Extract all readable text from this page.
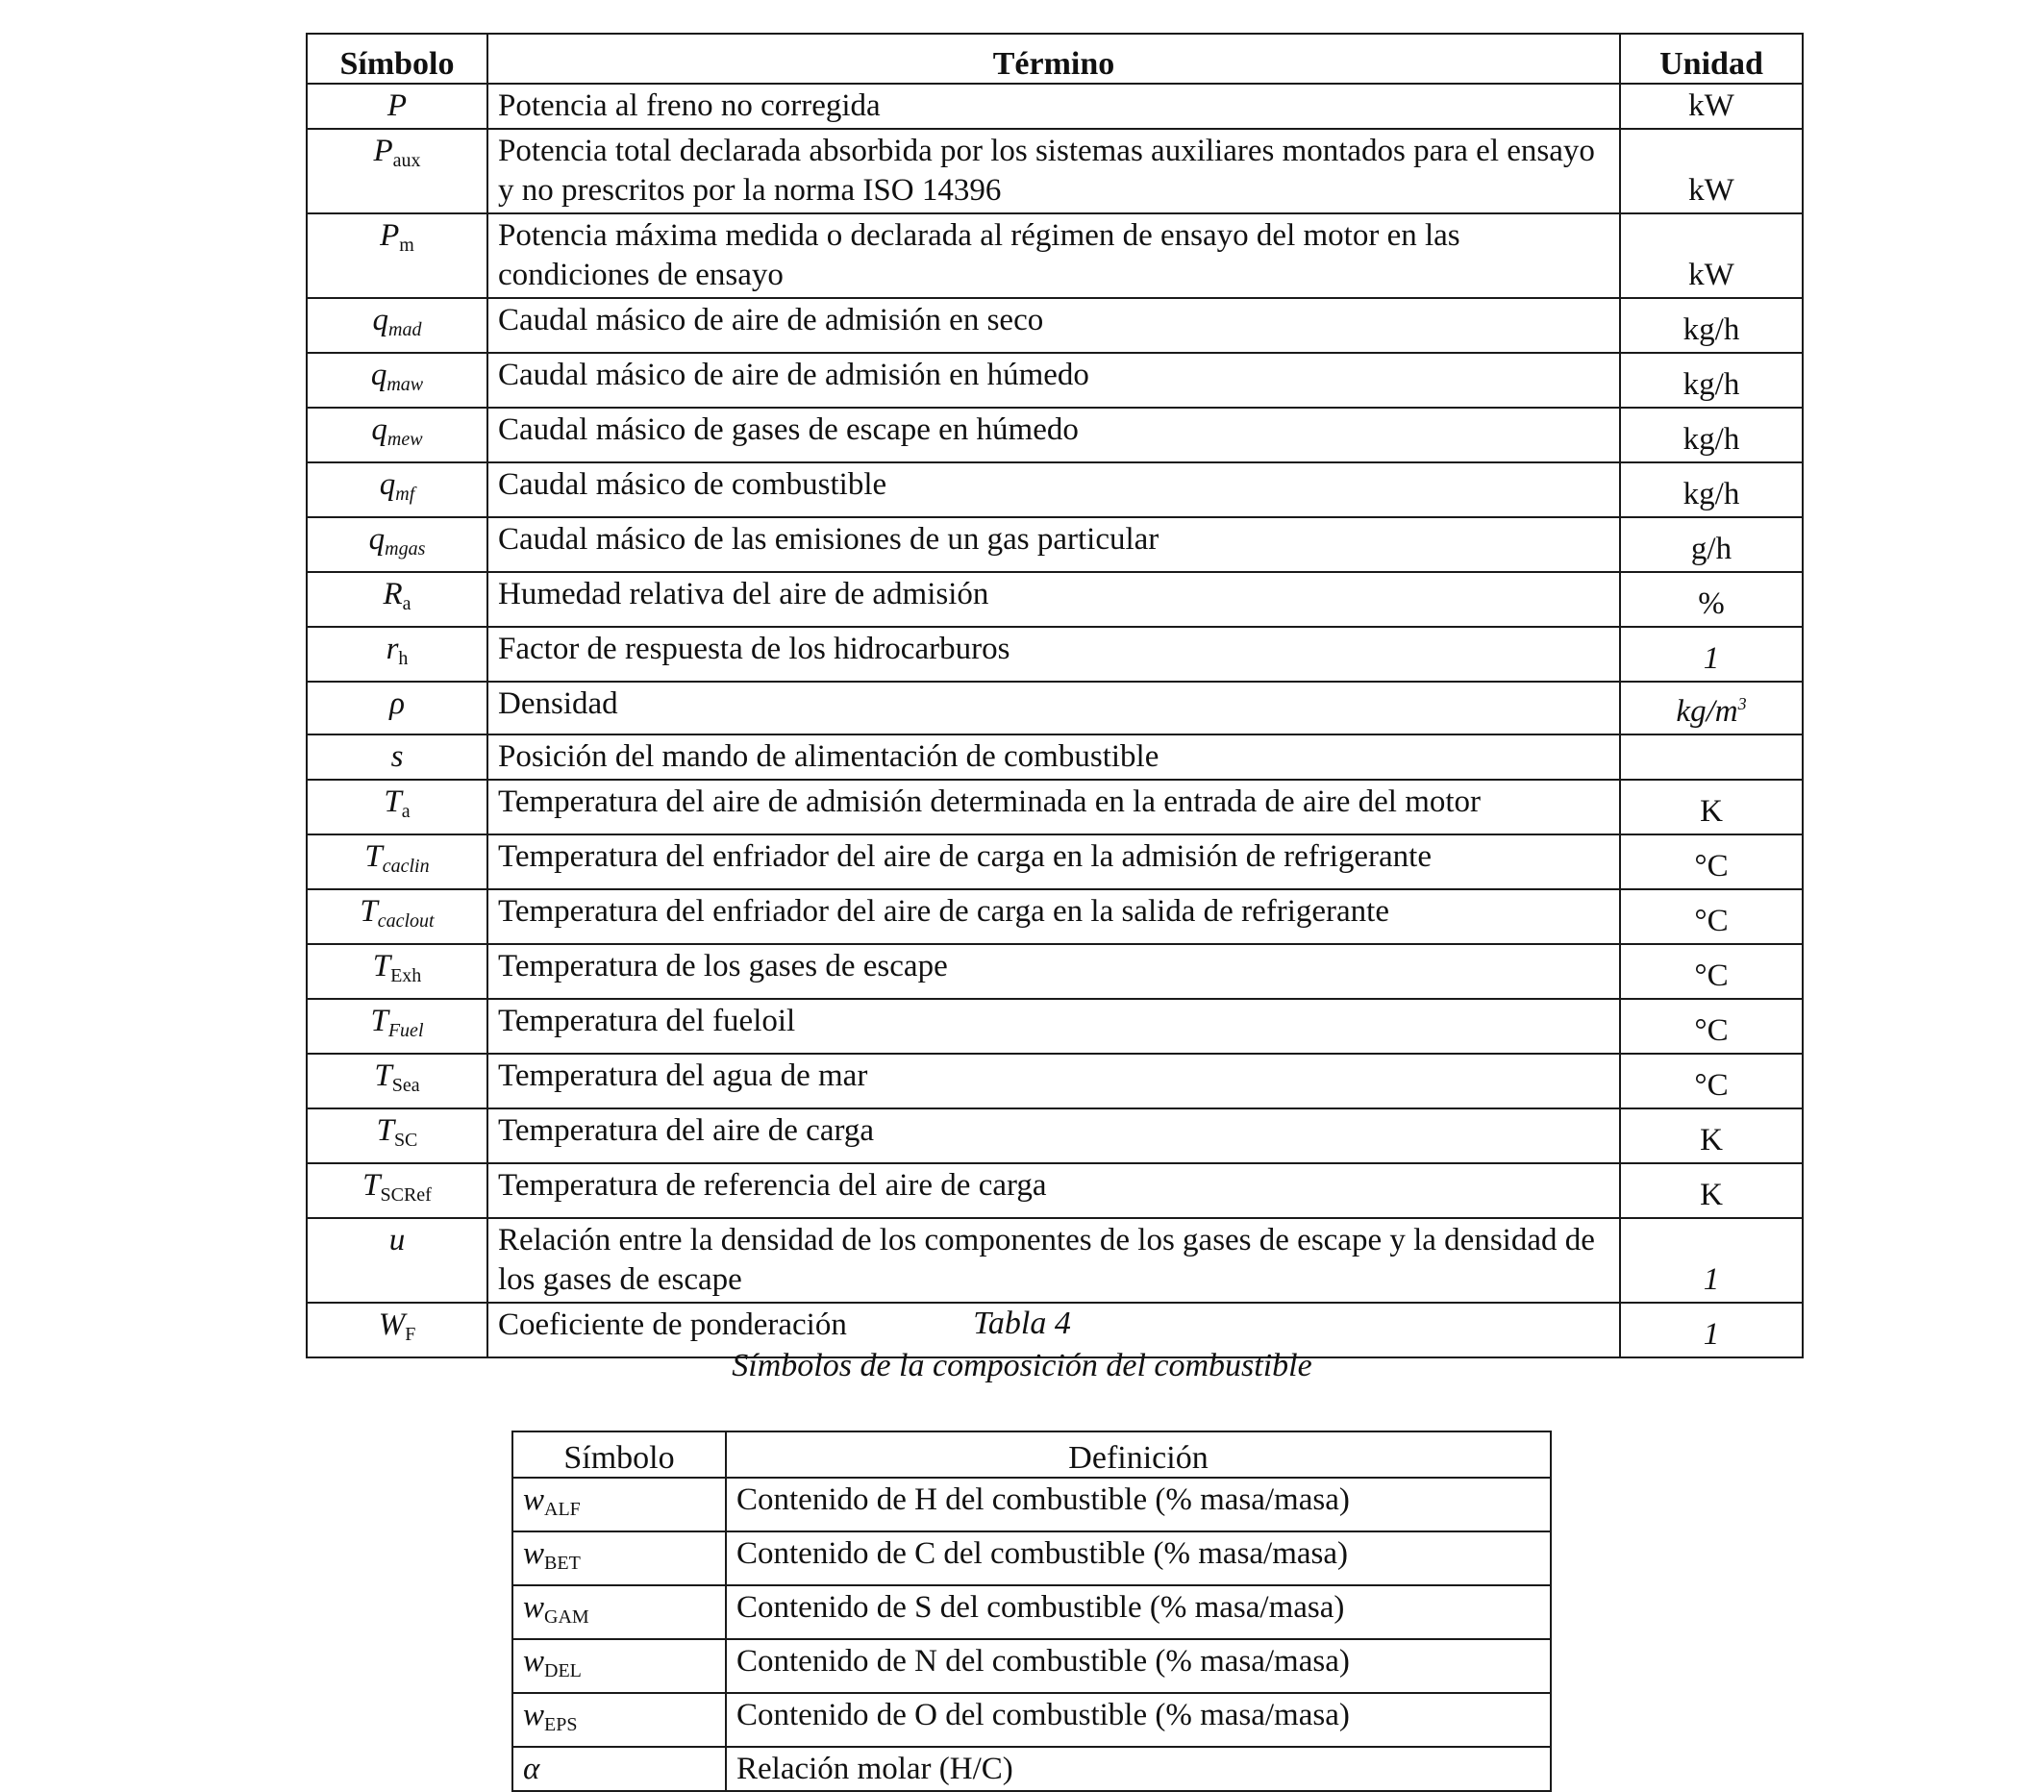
Símbolo	Término	Unidad
P	Potencia al freno no corregida	kW
$P_{aux}$	Potencia total declarada absorbida por los sistemas auxiliares montados para el ensayo y no prescritos por la norma ISO 14396	kW
$P_m$	Potencia máxima medida o declarada al régimen de ensayo del motor en las condiciones de ensayo	kW
$q_{mad}$	Caudal másico de aire de admisión en seco	kg/h
$q_{maw}$	Caudal másico de aire de admisión en húmedo	kg/h
$q_{mew}$	Caudal másico de gases de escape en húmedo	kg/h
$q_{mf}$	Caudal másico de combustible	kg/h
$q_{mgas}$	Caudal másico de las emisiones de un gas particular	g/h
$R_a$	Humedad relativa del aire de admisión	%
$r_h$	Factor de respuesta de los hidrocarburos	1
ρ	Densidad	$kg/m^3$
s	Posición del mando de alimentación de combustible	
$T_a$	Temperatura del aire de admisión determinada en la entrada de aire del motor	K
$T_{caclin}$	Temperatura del enfriador del aire de carga en la admisión de refrigerante	°C
$T_{caclout}$	Temperatura del enfriador del aire de carga en la salida de refrigerante	°C
$T_{Exh}$	Temperatura de los gases de escape	°C
$T_{Fuel}$	Temperatura del fueloil	°C
$T_{Sea}$	Temperatura del agua de mar	°C
$T_{SC}$	Temperatura del aire de carga	K
$T_{SCRef}$	Temperatura de referencia del aire de carga	K
u	Relación entre la densidad de los componentes de los gases de escape y la densidad de los gases de escape	1
$W_F$	Coeficiente de ponderación	1
Tabla 4
Símbolos de la composición del combustible
Símbolo	Definición
$w_{ALF}$	Contenido de H del combustible (% masa/masa)
$w_{BET}$	Contenido de C del combustible (% masa/masa)
$w_{GAM}$	Contenido de S del combustible (% masa/masa)
$w_{DEL}$	Contenido de N del combustible (% masa/masa)
$w_{EPS}$	Contenido de O del combustible (% masa/masa)
α	Relación molar (H/C)
